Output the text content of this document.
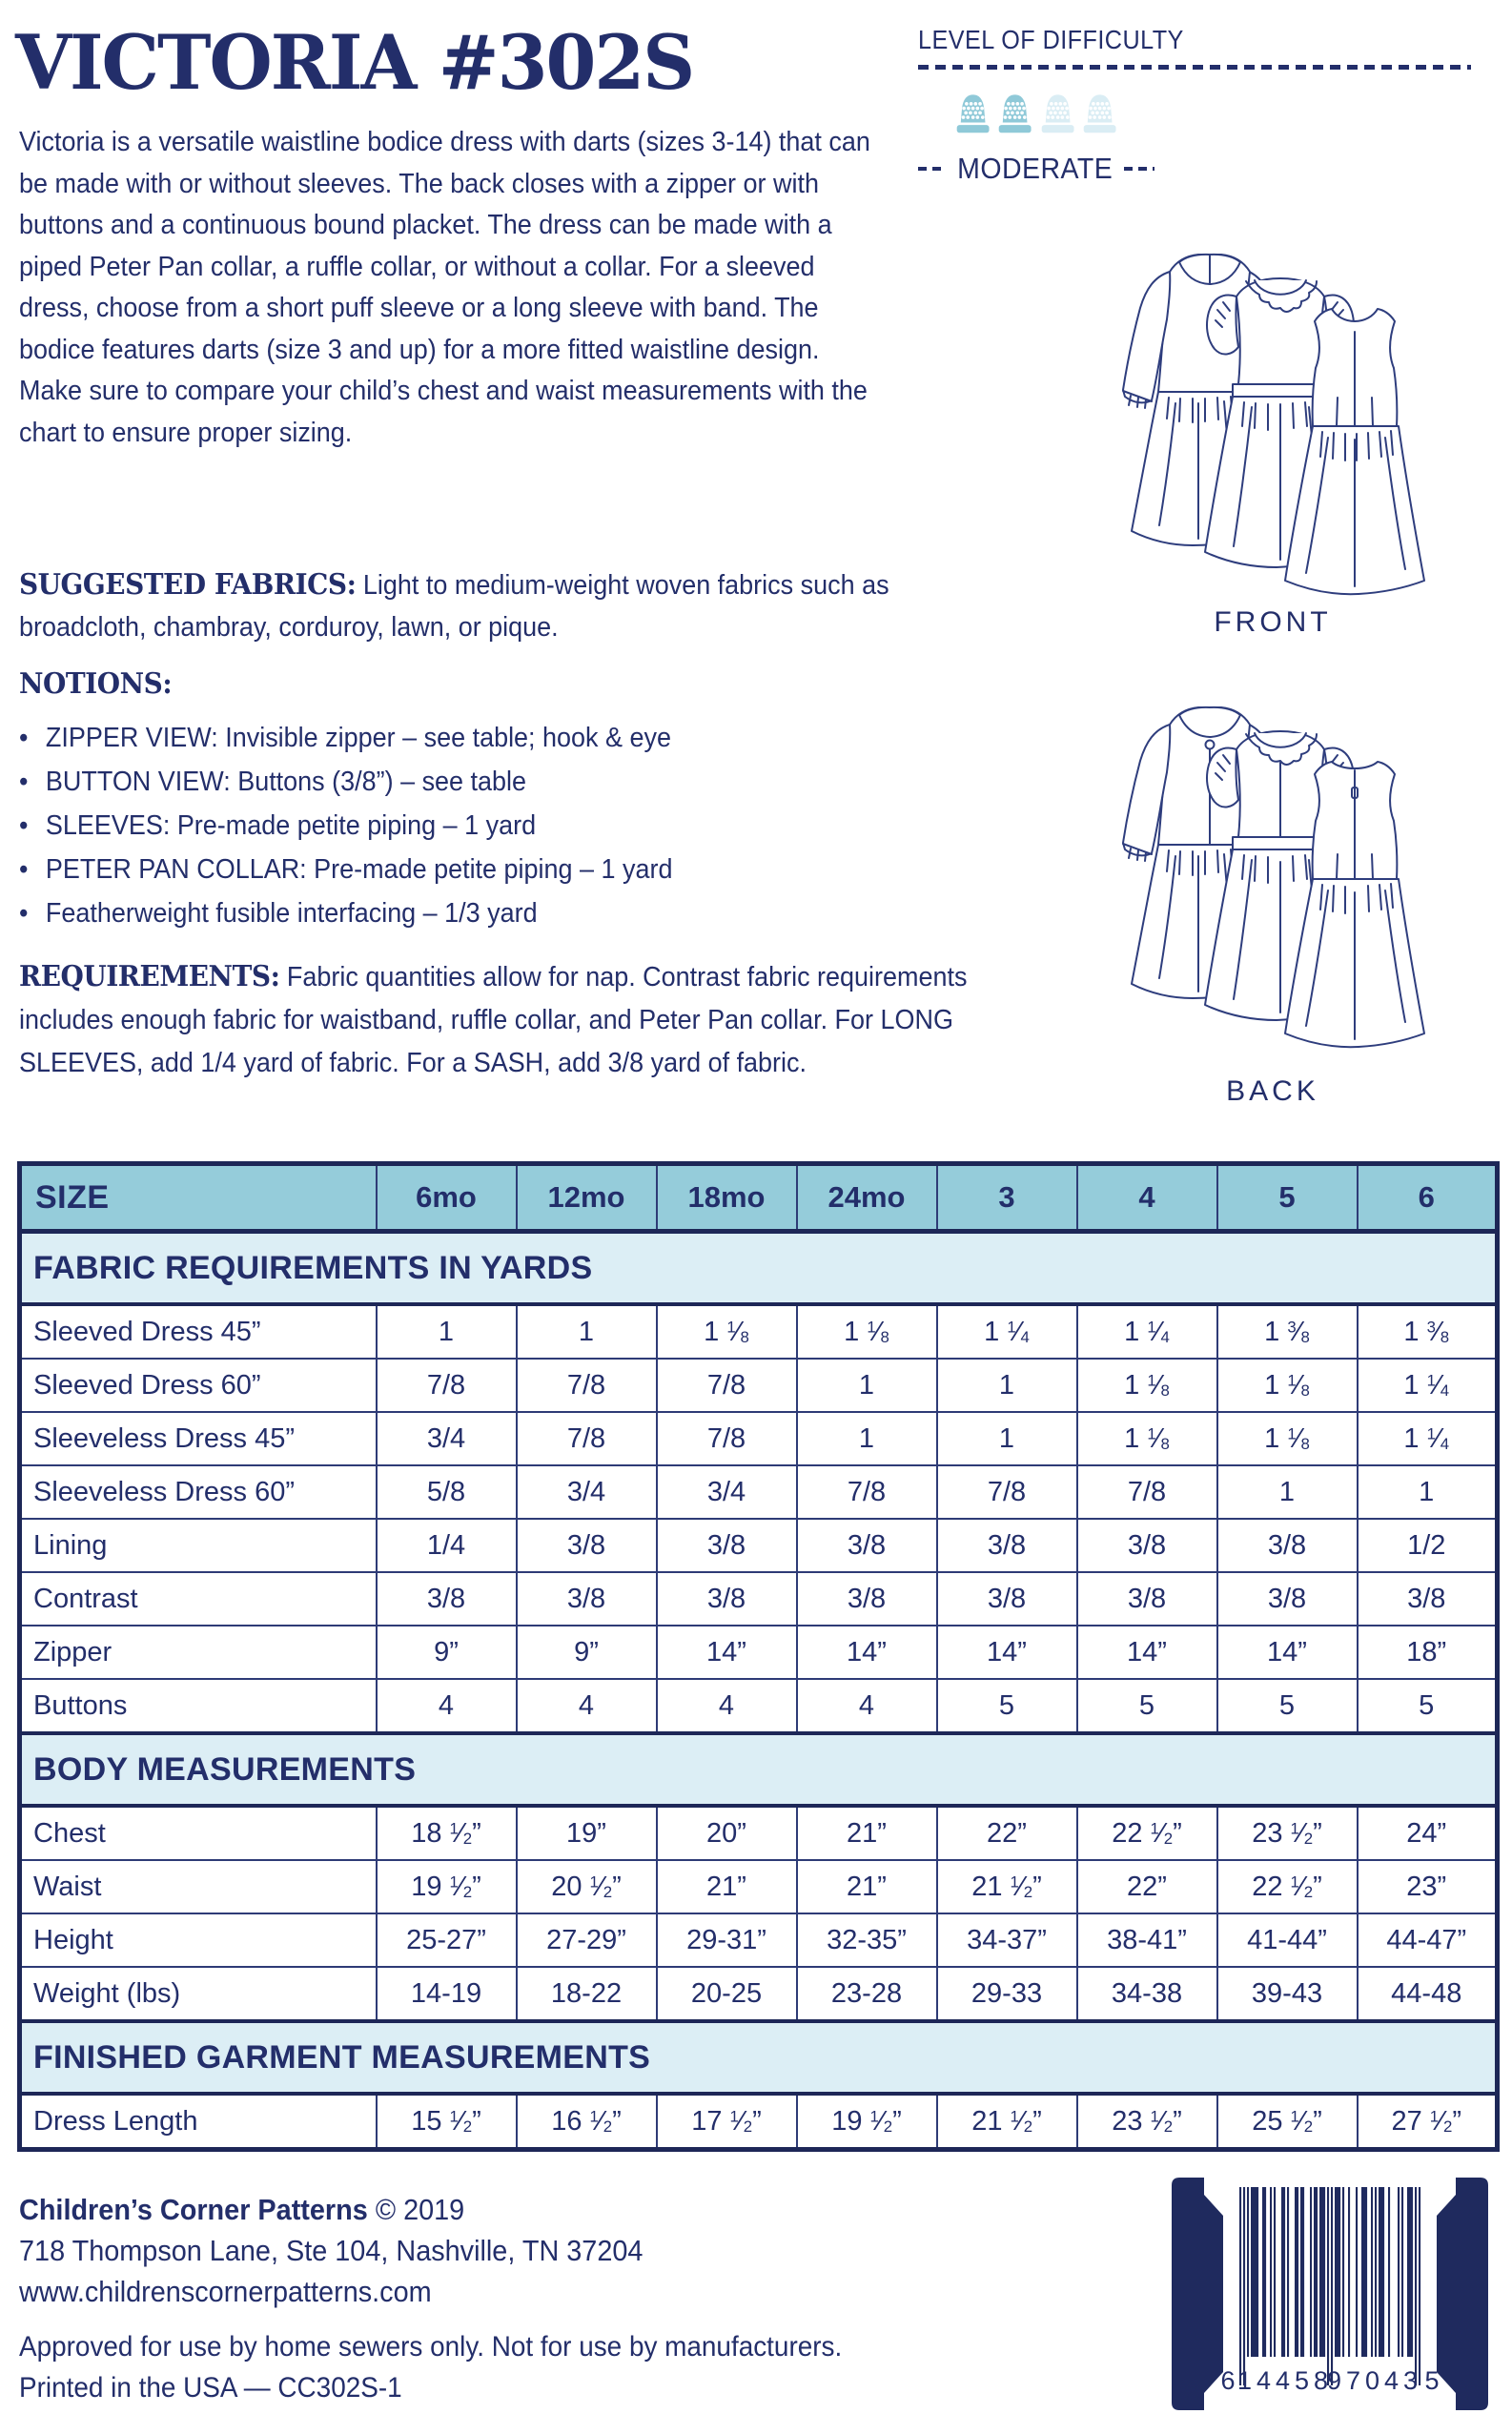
VICTORIA #302S	LEVEL OF DIFFICULTY
MODERATE

Victoria is a versatile waistline bodice dress with darts (sizes 3-14) that can be made with or without sleeves. The back closes with a zipper or with buttons and a continuous bound placket. The dress can be made with a piped Peter Pan collar, a ruffle collar, or without a collar. For a sleeved dress, choose from a short puff sleeve or a long sleeve with band. The bodice features darts (size 3 and up) for a more fitted waistline design. Make sure to compare your child’s chest and waist measurements with the chart to ensure proper sizing.

SUGGESTED FABRICS: Light to medium-weight woven fabrics such as broadcloth, chambray, corduroy, lawn, or pique.
NOTIONS:
• ZIPPER VIEW: Invisible zipper – see table; hook & eye
• BUTTON VIEW: Buttons (3/8”) – see table
• SLEEVES: Pre-made petite piping – 1 yard
• PETER PAN COLLAR: Pre-made petite piping – 1 yard
• Featherweight fusible interfacing – 1/3 yard
REQUIREMENTS: Fabric quantities allow for nap. Contrast fabric requirements includes enough fabric for waistband, ruffle collar, and Peter Pan collar. For LONG SLEEVES, add 1/4 yard of fabric. For a SASH, add 3/8 yard of fabric.
FRONT
BACK
SIZE	6mo	12mo	18mo	24mo	3	4	5	6
FABRIC REQUIREMENTS IN YARDS								
Sleeved Dress 45”	1	1	1 $^1⁄_8$	1 $^1⁄_8$	1 $^1⁄_4$	1 $^1⁄_4$	1 $^3⁄_8$	1 $^3⁄_8$
Sleeved Dress 60”	7/8	7/8	7/8	1	1	1 $^1⁄_8$	1 $^1⁄_8$	1 $^1⁄_4$
Sleeveless Dress 45”	3/4	7/8	7/8	1	1	1 $^1⁄_8$	1 $^1⁄_8$	1 $^1⁄_4$
Sleeveless Dress 60”	5/8	3/4	3/4	7/8	7/8	7/8	1	1
Lining	1/4	3/8	3/8	3/8	3/8	3/8	3/8	1/2
Contrast	3/8	3/8	3/8	3/8	3/8	3/8	3/8	3/8
Zipper	9”	9”	14”	14”	14”	14”	14”	18”
Buttons	4	4	4	4	5	5	5	5
BODY MEASUREMENTS								
Chest	18 $^1⁄_2$”	19”	20”	21”	22”	22 $^1⁄_2$”	23 $^1⁄_2$”	24”
Waist	19 $^1⁄_2$”	20 $^1⁄_2$”	21”	21”	21 $^1⁄_2$”	22”	22 $^1⁄_2$”	23”
Height	25-27”	27-29”	29-31”	32-35”	34-37”	38-41”	41-44”	44-47”
Weight (lbs)	14-19	18-22	20-25	23-28	29-33	34-38	39-43	44-48
FINISHED GARMENT MEASUREMENTS								
Dress Length	15 $^1⁄_2$”	16 $^1⁄_2$”	17 $^1⁄_2$”	19 $^1⁄_2$”	21 $^1⁄_2$”	23 $^1⁄_2$”	25 $^1⁄_2$”	27 $^1⁄_2$”
Children’s Corner Patterns © 2019
718 Thompson Lane, Ste 104, Nashville, TN 37204
www.childrenscornerpatterns.com
Approved for use by home sewers only. Not for use by manufacturers.
Printed in the USA — CC302S-1	6 14458
97043 5
